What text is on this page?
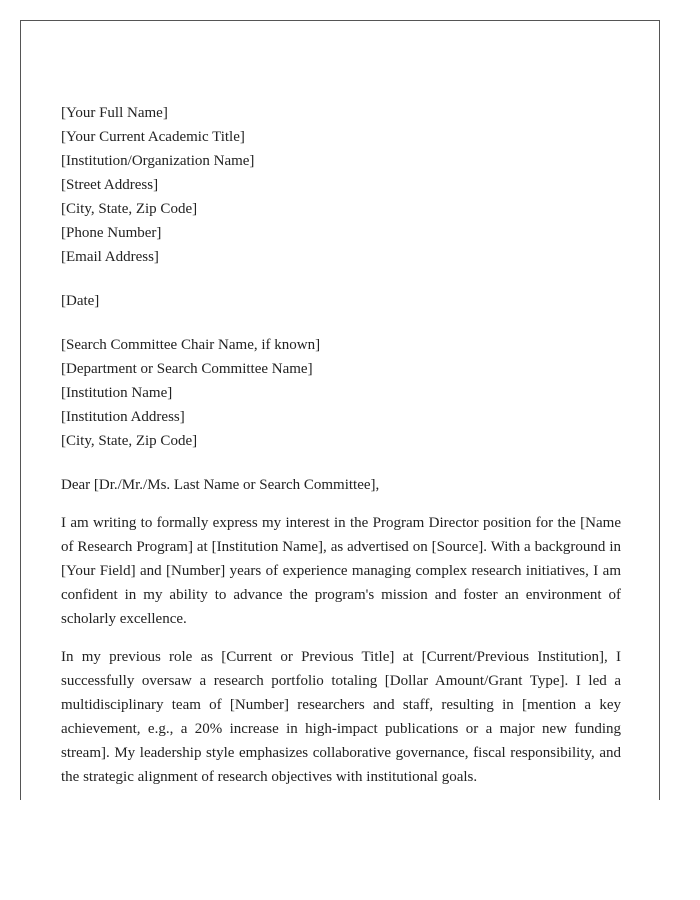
[Your Full Name]
[Your Current Academic Title]
[Institution/Organization Name]
[Street Address]
[City, State, Zip Code]
[Phone Number]
[Email Address]
[Date]
[Search Committee Chair Name, if known]
[Department or Search Committee Name]
[Institution Name]
[Institution Address]
[City, State, Zip Code]
Dear [Dr./Mr./Ms. Last Name or Search Committee],

I am writing to formally express my interest in the Program Director position for the [Name of Research Program] at [Institution Name], as advertised on [Source]. With a background in [Your Field] and [Number] years of experience managing complex research initiatives, I am confident in my ability to advance the program's mission and foster an environment of scholarly excellence.

In my previous role as [Current or Previous Title] at [Current/Previous Institution], I successfully oversaw a research portfolio totaling [Dollar Amount/Grant Type]. I led a multidisciplinary team of [Number] researchers and staff, resulting in [mention a key achievement, e.g., a 20% increase in high-impact publications or a major new funding stream]. My leadership style emphasizes collaborative governance, fiscal responsibility, and the strategic alignment of research objectives with institutional goals.
